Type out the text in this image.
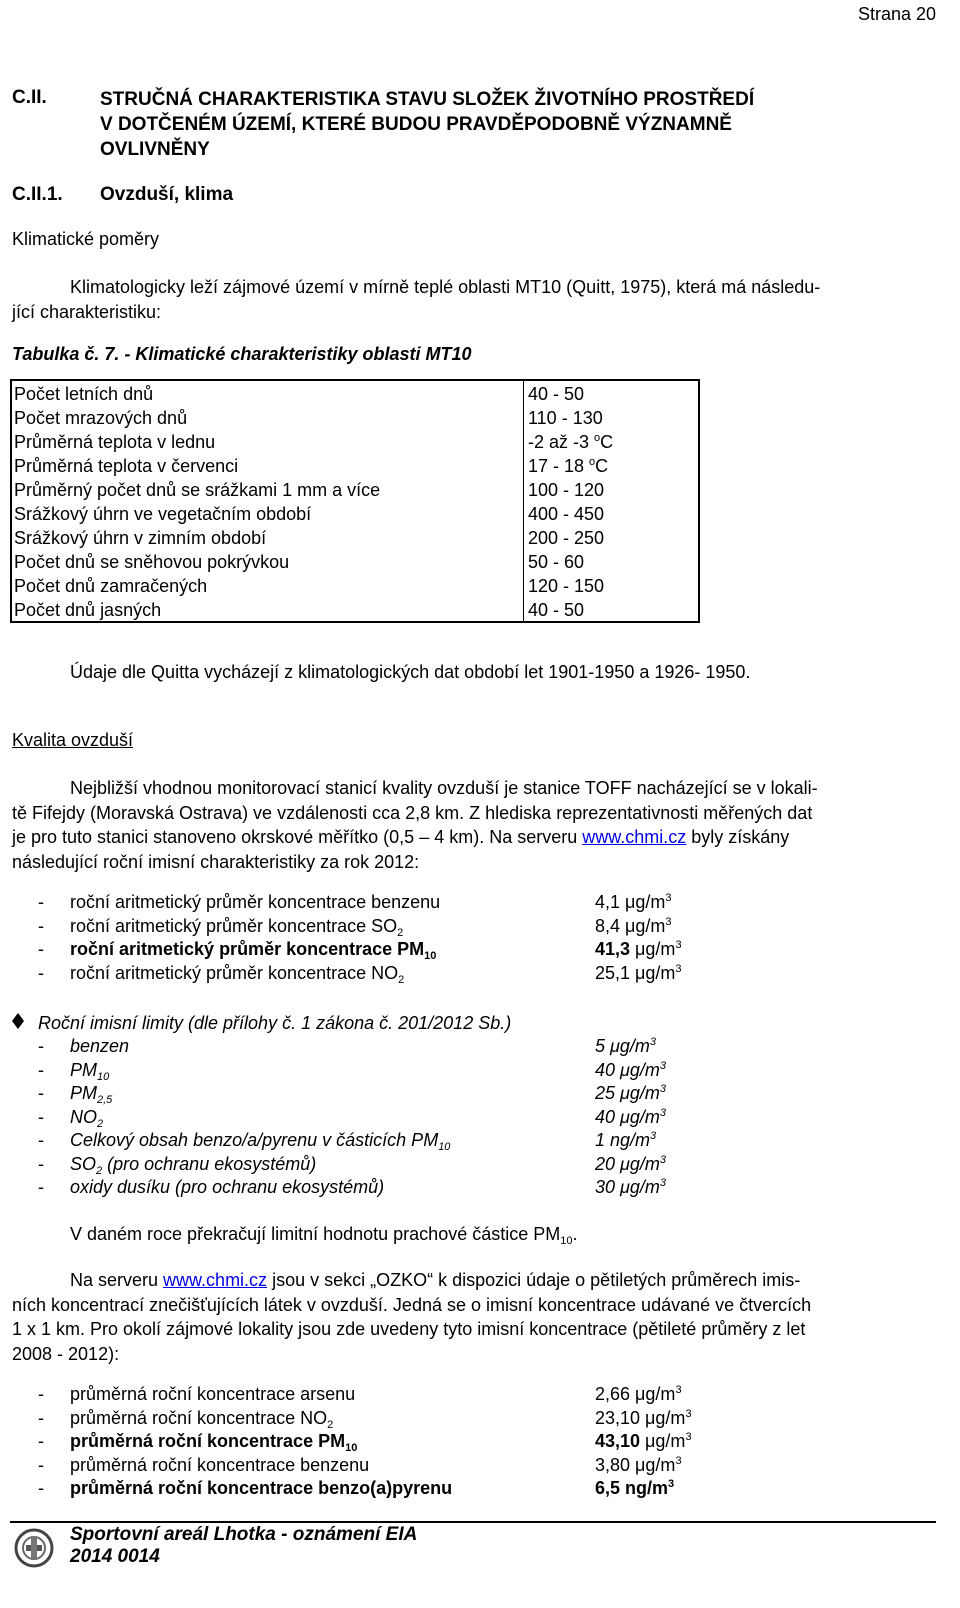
Strana 20
C.II.	STRUČNÁ CHARAKTERISTIKA STAVU SLOŽEK ŽIVOTNÍHO PROSTŘEDÍ
V DOTČENÉM ÚZEMÍ, KTERÉ BUDOU PRAVDĚPODOBNĚ VÝZNAMNĚ
OVLIVNĚNY
C.II.1. Ovzduší, klima
Klimatické poměry
Klimatologicky leží zájmové území v mírně teplé oblasti MT10 (Quitt, 1975), která má následu-
jící charakteristiku:
Tabulka č. 7. - Klimatické charakteristiky oblasti MT10
Počet letních dnů	40 - 50
Počet mrazových dnů	110 - 130
Průměrná teplota v lednu	-2 až -3 $^o$C
Průměrná teplota v červenci	17 - 18 $^o$C
Průměrný počet dnů se srážkami 1 mm a více	100 - 120
Srážkový úhrn ve vegetačním období	400 - 450
Srážkový úhrn v zimním období	200 - 250
Počet dnů se sněhovou pokrývkou	50 - 60
Počet dnů zamračených	120 - 150
Počet dnů jasných	40 - 50
Údaje dle Quitta vycházejí z klimatologických dat období let 1901-1950 a 1926- 1950.
Kvalita ovzduší
Nejbližší vhodnou monitorovací stanicí kvality ovzduší je stanice TOFF nacházející se v lokali-
tě Fifejdy (Moravská Ostrava) ve vzdálenosti cca 2,8 km. Z hlediska reprezentativnosti měřených dat
je pro tuto stanici stanoveno okrskové měřítko (0,5 – 4 km). Na serveru www.chmi.cz byly získány
následující roční imisní charakteristiky za rok 2012:
- roční aritmetický průměr koncentrace benzenu	4,1 $\mu g/m^3$
- roční aritmetický průměr koncentrace $SO_2$	8,4 $\mu g/m^3$
- roční aritmetický průměr koncentrace $PM_{10}$	41,3 $\mu g/m^3$
- roční aritmetický průměr koncentrace $NO_2$	25,1 $\mu g/m^3$
Roční imisní limity (dle přílohy č. 1 zákona č. 201/2012 Sb.)
- benzen	5 $\mu g/m^3$
- $PM_{10}$	40 $\mu g/m^3$
- $PM_{2,5}$	25 $\mu g/m^3$
- $NO_2$	40 $\mu g/m^3$
- Celkový obsah benzo/a/pyrenu v částicích $PM_{10}$	1 $ng/m^3$
- $SO_2$ (pro ochranu ekosystémů)	20 $\mu g/m^3$
- oxidy dusíku (pro ochranu ekosystémů)	30 $\mu g/m^3$
V daném roce překračují limitní hodnotu prachové částice $PM_{10}$.
Na serveru www.chmi.cz jsou v sekci „OZKO“ k dispozici údaje o pětiletých průměrech imis-
ních koncentrací znečišťujících látek v ovzduší. Jedná se o imisní koncentrace udávané ve čtvercích
1 x 1 km. Pro okolí zájmové lokality jsou zde uvedeny tyto imisní koncentrace (pětileté průměry z let
2008 - 2012):
- průměrná roční koncentrace arsenu	2,66 $\mu g/m^3$
- průměrná roční koncentrace $NO_2$	23,10 $\mu g/m^3$
- průměrná roční koncentrace $PM_{10}$	43,10 $\mu g/m^3$
- průměrná roční koncentrace benzenu	3,80 $\mu g/m^3$
- průměrná roční koncentrace benzo(a)pyrenu	6,5 $ng/m^3$
Sportovní areál Lhotka - oznámení EIA
2014 0014
